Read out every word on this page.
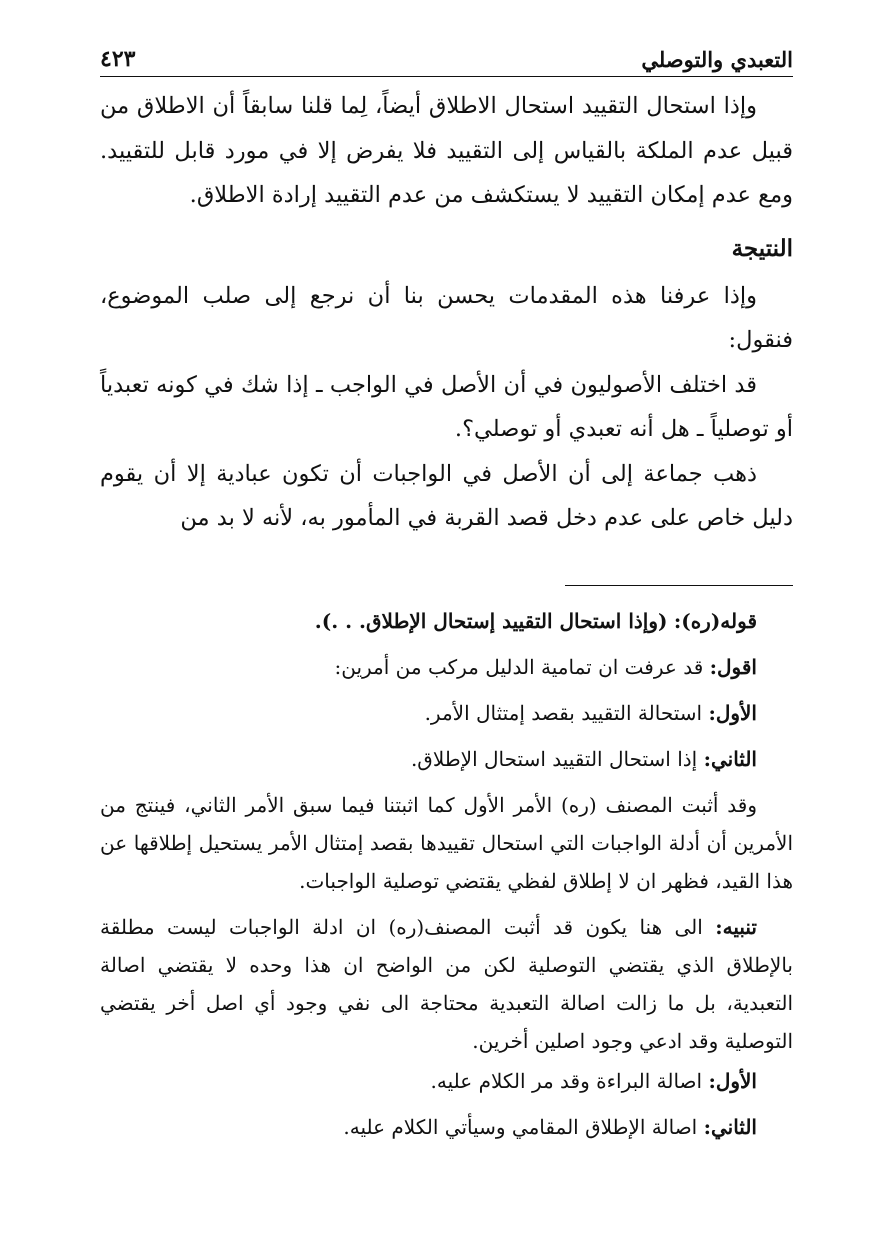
التعبدي والتوصلي
٤٢٣

وإذا استحال التقييد استحال الاطلاق أيضاً، لِما قلنا سابقاً أن الاطلاق من قبيل عدم الملكة بالقياس إلى التقييد فلا يفرض إلا في مورد قابل للتقييد. ومع عدم إمكان التقييد لا يستكشف من عدم التقييد إرادة الاطلاق.

النتيجة

وإذا عرفنا هذه المقدمات يحسن بنا أن نرجع إلى صلب الموضوع، فنقول:

قد اختلف الأصوليون في أن الأصل في الواجب ـ إذا شك في كونه تعبدياً أو توصلياً ـ هل أنه تعبدي أو توصلي؟.

ذهب جماعة إلى أن الأصل في الواجبات أن تكون عبادية إلا أن يقوم دليل خاص على عدم دخل قصد القربة في المأمور به، لأنه لا بد من

قوله(ره): (وإذا استحال التقييد إستحال الإطلاق. . .).

اقول: قد عرفت ان تمامية الدليل مركب من أمرين:

الأول: استحالة التقييد بقصد إمتثال الأمر.

الثاني: إذا استحال التقييد استحال الإطلاق.

وقد أثبت المصنف (ره) الأمر الأول كما اثبتنا فيما سبق الأمر الثاني، فينتج من الأمرين أن أدلة الواجبات التي استحال تقييدها بقصد إمتثال الأمر يستحيل إطلاقها عن هذا القيد، فظهر ان لا إطلاق لفظي يقتضي توصلية الواجبات.

تنبيه: الى هنا يكون قد أثبت المصنف(ره) ان ادلة الواجبات ليست مطلقة بالإطلاق الذي يقتضي التوصلية لكن من الواضح ان هذا وحده لا يقتضي اصالة التعبدية، بل ما زالت اصالة التعبدية محتاجة الى نفي وجود أي اصل أخر يقتضي التوصلية وقد ادعي وجود اصلين أخرين.

الأول: اصالة البراءة وقد مر الكلام عليه.

الثاني: اصالة الإطلاق المقامي وسيأتي الكلام عليه.
